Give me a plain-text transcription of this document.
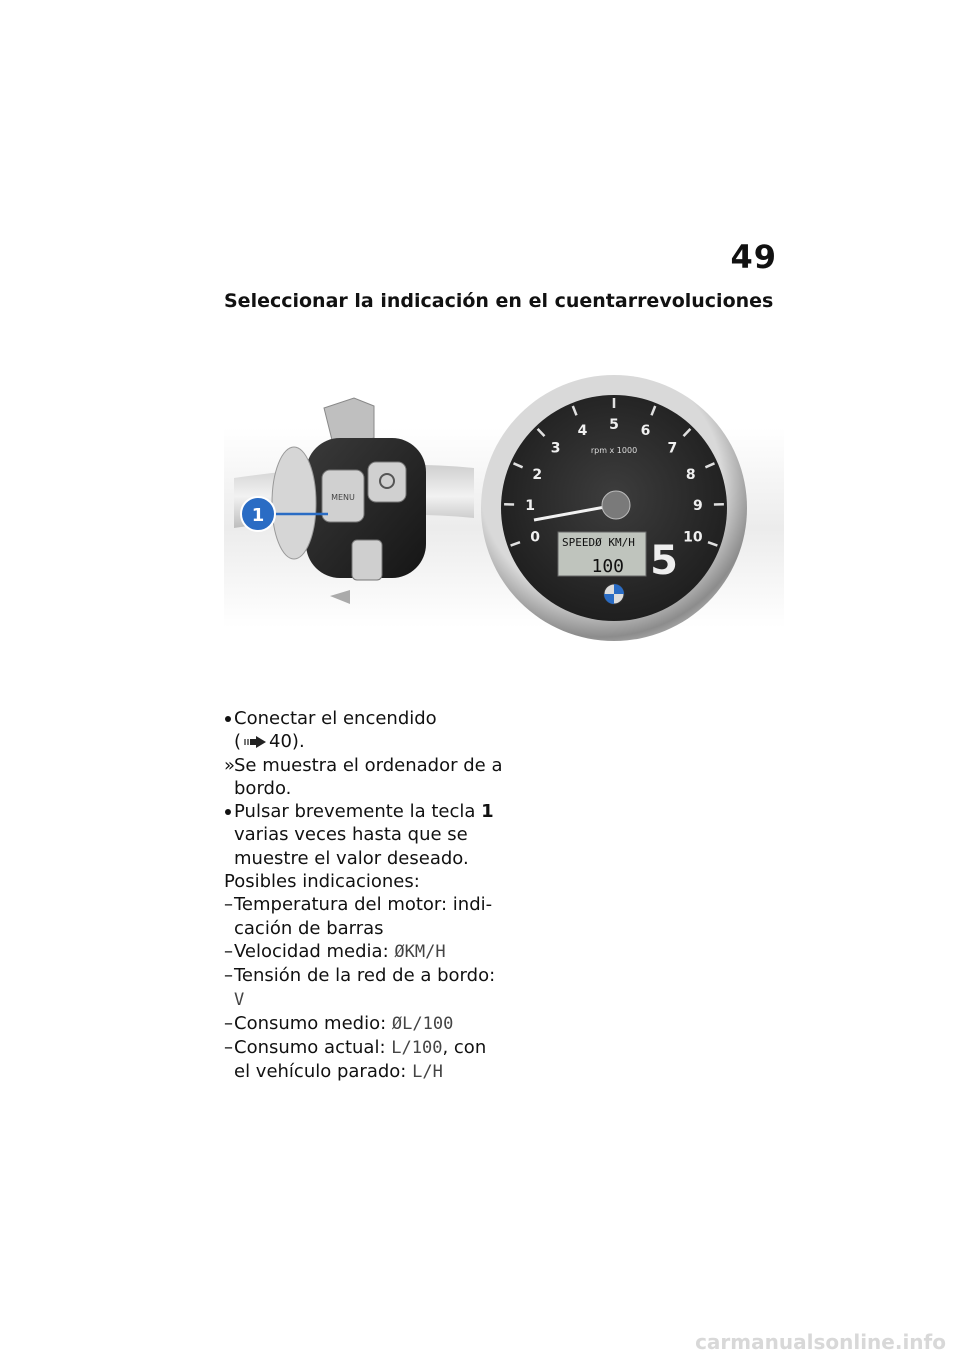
49
Seleccionar la indicación en el cuentarrevoluciones
MENU
1
rpm x 1000
0
1
2
3
4 5 6
7
8
9
10
SPEEDØ KM/H
100 5
Conectar el encendido
( 40).
»
Se muestra el ordenador de a
bordo.
Pulsar brevemente la tecla 1
varias veces hasta que se
muestre el valor deseado.
Posibles indicaciones:
– Temperatura del motor: indi-
cación de barras
– Velocidad media: ØKM/H
– Tensión de la red de a bordo:
V
– Consumo medio: ØL/100
– Consumo actual: L/100, con
el vehículo parado: L/H
carmanualsonline.info
